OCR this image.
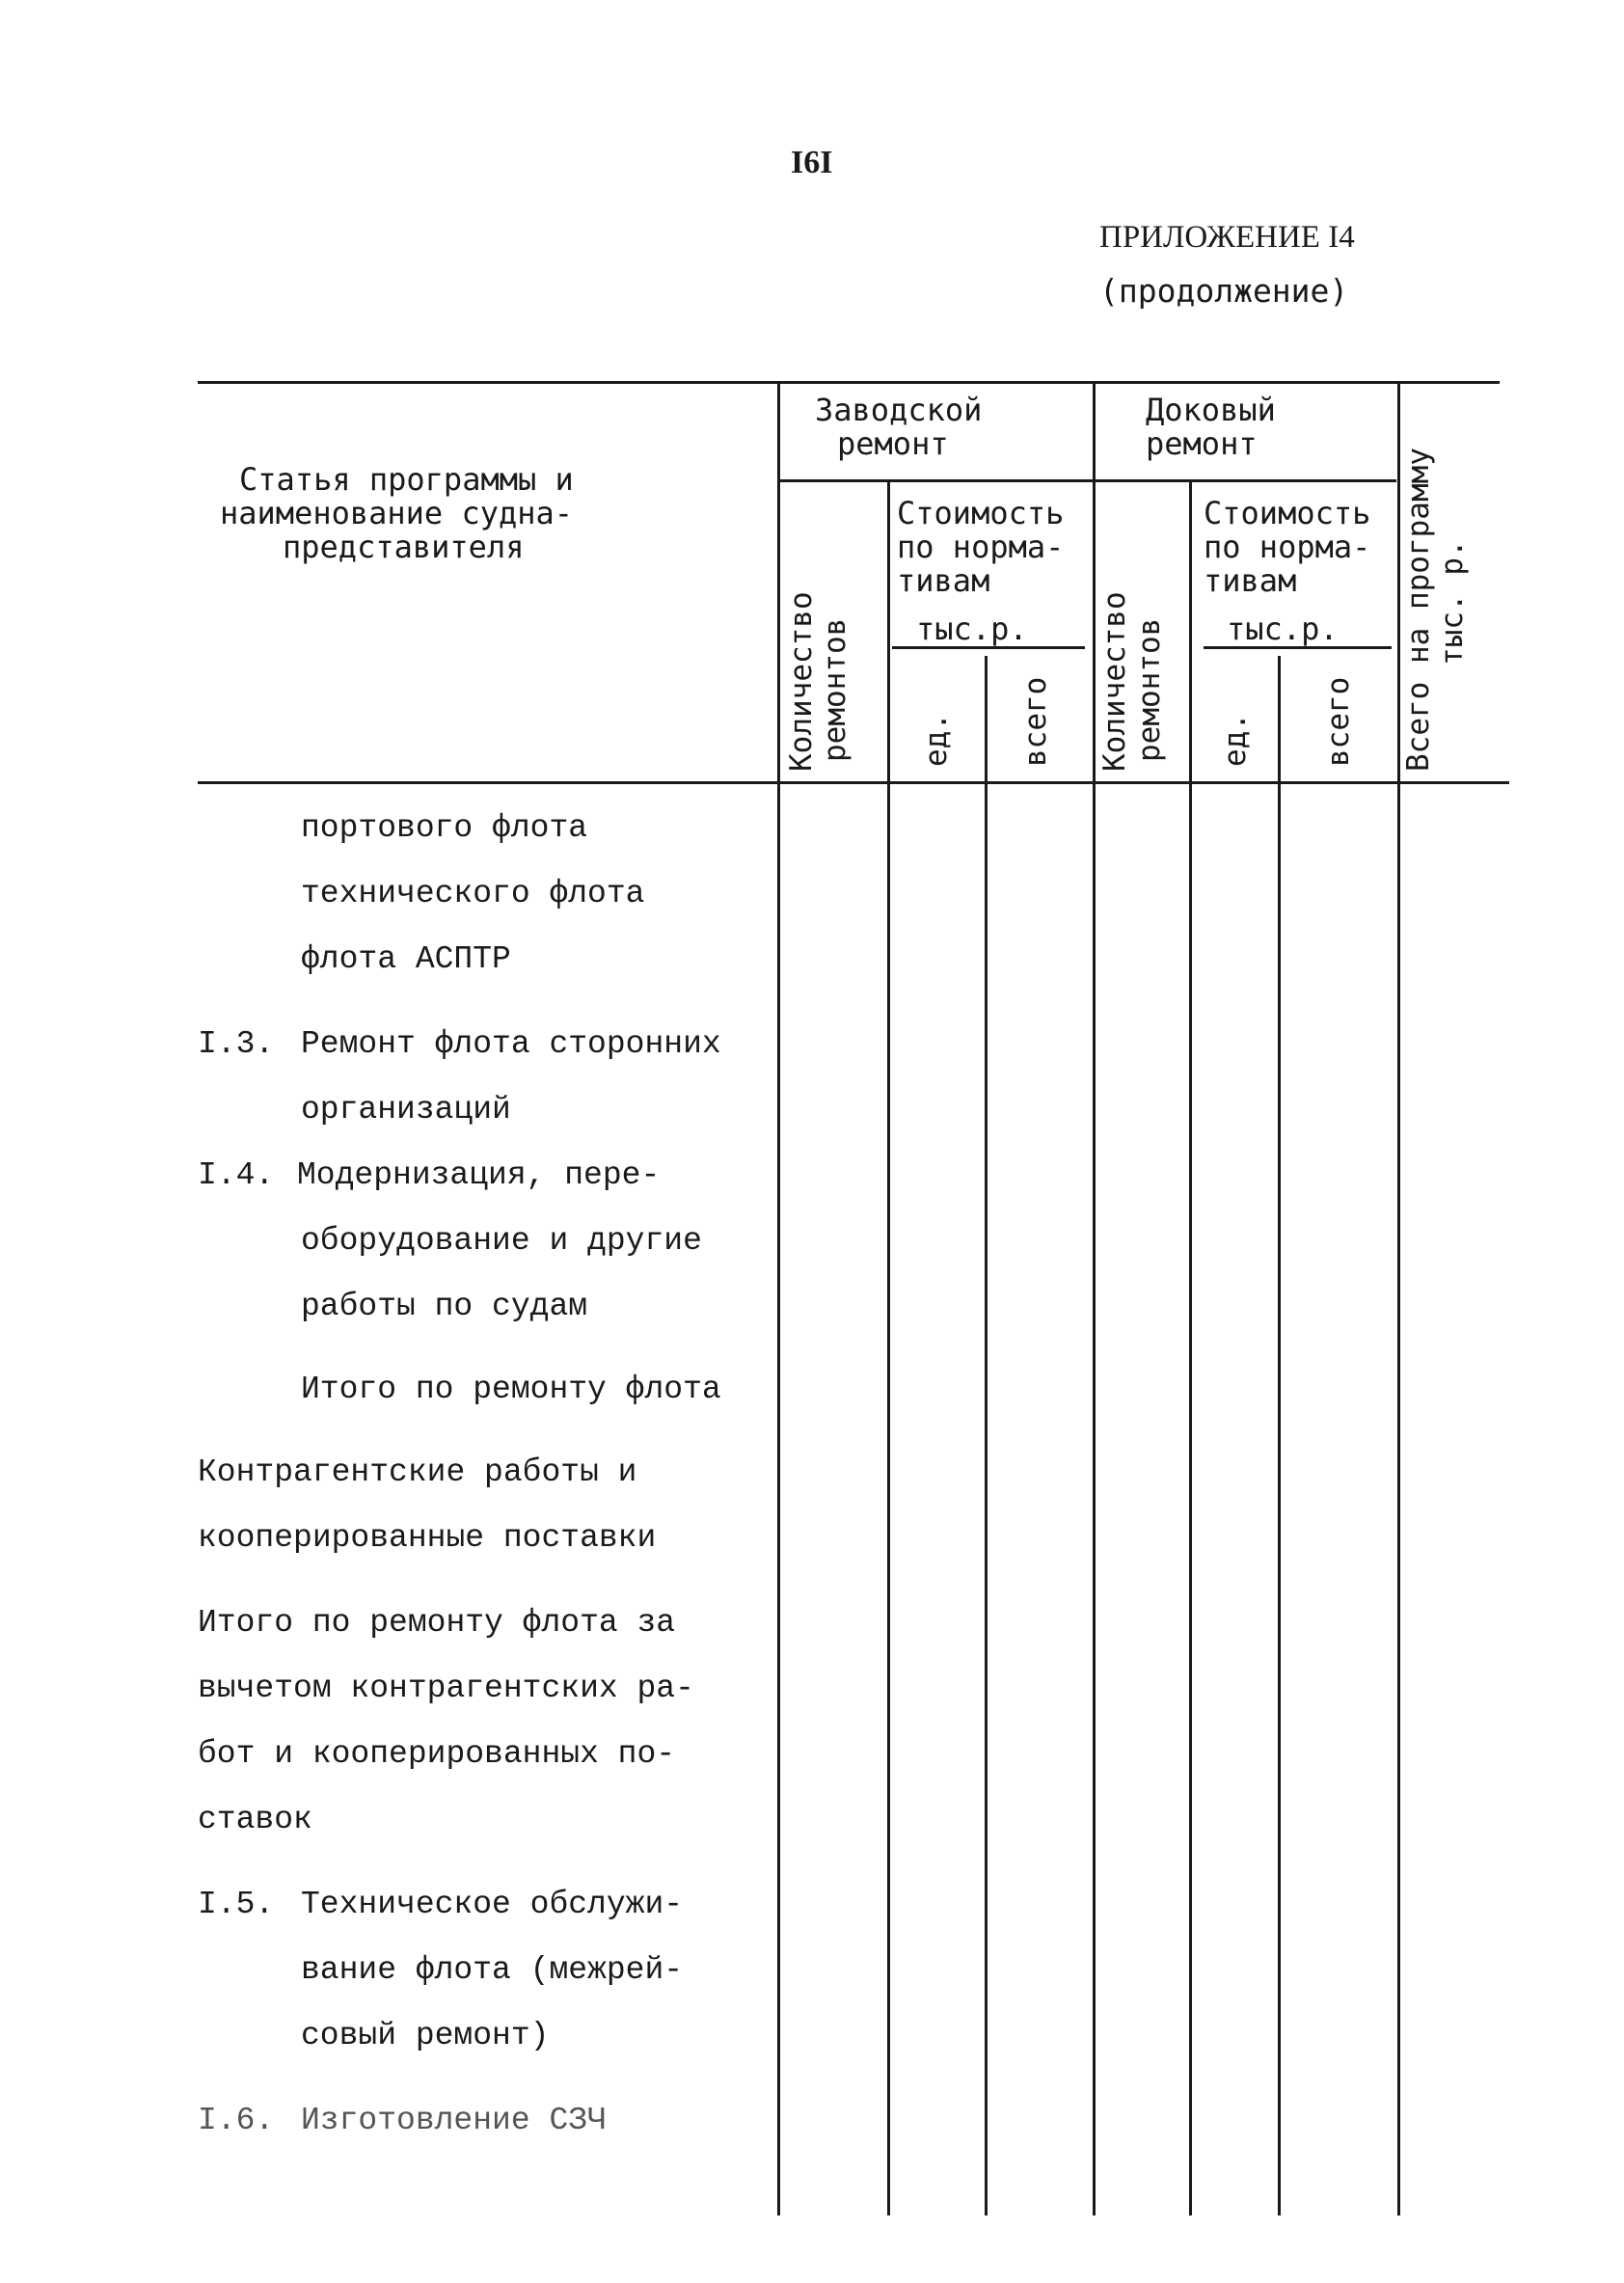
I6I
ПРИЛОЖЕНИЕ I4
(продолжение)
Статья программы и
наименование судна-
представителя
Заводской
ремонт
Доковый
ремонт
Стоимость
по норма-
тивам
тыс.р.
Стоимость
по норма-
тивам
тыс.р.
Количество ремонтов ед. всего Количество ремонтов ед. всего Всего на программу тыс. р.
портового флота
технического флота
флота АСПТР
I.3. Ремонт флота сторонних
организаций
I.4. Модернизация, пере-
оборудование и другие
работы по судам
Итого по ремонту флота
Контрагентские работы и
кооперированные поставки
Итого по ремонту флота за
вычетом контрагентских ра-
бот и кооперированных по-
ставок
I.5. Техническое обслужи-
вание флота (межрей-
совый ремонт)
I.6. Изготовление СЗЧ
